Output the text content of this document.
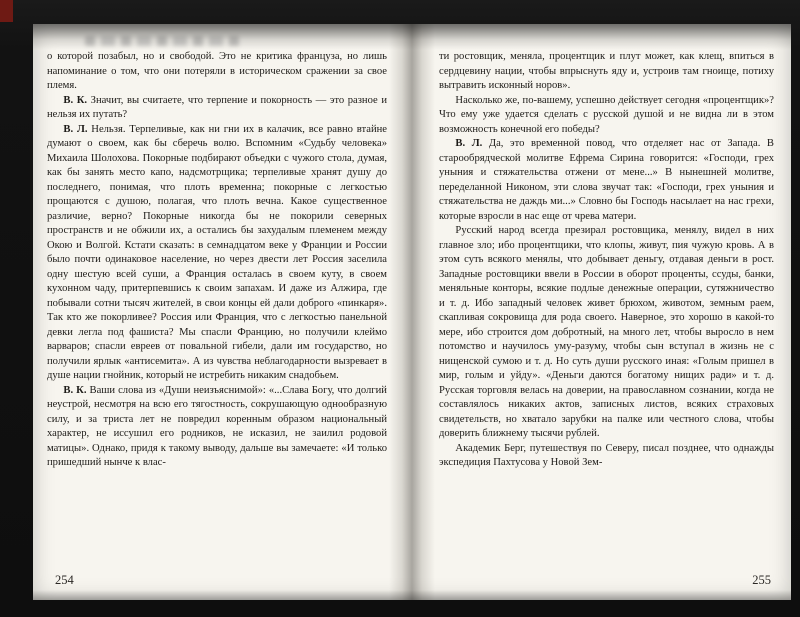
о которой позабыл, но и свободой. Это не критика француза, но лишь напоминание о том, что они потеряли в историческом сражении за свое племя.

В. К. Значит, вы считаете, что терпение и покорность — это разное и нельзя их путать?

В. Л. Нельзя. Терпеливые, как ни гни их в калачик, все равно втайне думают о своем, как бы сберечь волю. Вспомним «Судьбу человека» Михаила Шолохова. Покорные подбирают объедки с чужого стола, думая, как бы занять место капо, надсмотрщика; терпеливые хранят душу до последнего, понимая, что плоть временна; покорные с легкостью прощаются с душою, полагая, что плоть вечна. Какое существенное различие, верно? Покорные никогда бы не покорили северных пространств и не обжили их, а остались бы захудалым племенем между Окою и Волгой. Кстати сказать: в семнадцатом веке у Франции и России было почти одинаковое население, но через двести лет Россия заселила одну шестую всей суши, а Франция осталась в своем куту, в своем кухонном чаду, притерпевшись к своим запахам. И даже из Алжира, где побывали сотни тысяч жителей, в свои концы ей дали доброго «пинкаря». Так кто же покорливее? Россия или Франция, что с легкостью панельной девки легла под фашиста? Мы спасли Францию, но получили клеймо варваров; спасли евреев от повальной гибели, дали им государство, но получили ярлык «антисемита». А из чувства неблагодарности вызревает в душе нации гнойник, который не истребить никаким снадобьем.

В. К. Ваши слова из «Души неизъяснимой»: «...Слава Богу, что долгий неустрой, несмотря на всю его тягостность, сокрушающую однообразную силу, и за триста лет не повредил коренным образом национальный характер, не иссушил его родников, не исказил, не заилил родовой матицы». Однако, придя к такому выводу, дальше вы замечаете: «И только пришедший нынче к влас-

254

ти ростовщик, меняла, процентщик и плут может, как клещ, впиться в сердцевину нации, чтобы впрыснуть яду и, устроив там гноище, потиху вытравить исконный норов».

Насколько же, по-вашему, успешно действует сегодня «процентщик»? Что ему уже удается сделать с русской душой и не видна ли в этом возможность конечной его победы?

В. Л. Да, это временной повод, что отделяет нас от Запада. В старообрядческой молитве Ефрема Сирина говорится: «Господи, грех уныния и стяжательства отжени от мене...» В нынешней молитве, переделанной Никоном, эти слова звучат так: «Господи, грех уныния и стяжательства не даждь ми...» Словно бы Господь насылает на нас грехи, которые взросли в нас еще от чрева матери.

Русский народ всегда презирал ростовщика, менялу, видел в них главное зло; ибо процентщики, что клопы, живут, пия чужую кровь. А в этом суть всякого менялы, что добывает деньгу, отдавая деньги в рост. Западные ростовщики ввели в России в оборот проценты, ссуды, банки, меняльные конторы, всякие подлые денежные операции, сутяжничество и т. д. Ибо западный человек живет брюхом, животом, земным раем, скапливая сокровища для рода своего. Наверное, это хорошо в какой-то мере, ибо строится дом добротный, на много лет, чтобы выросло в нем потомство и научилось уму-разуму, чтобы сын вступал в жизнь не с нищенской сумою и т. д. Но суть души русского иная: «Голым пришел в мир, голым и уйду». «Деньги даются богатому нищих ради» и т. д. Русская торговля велась на доверии, на православном сознании, когда не составлялось никаких актов, записных листов, всяких страховых свидетельств, но хватало зарубки на палке или честного слова, чтобы доверить ближнему тысячи рублей.

Академик Берг, путешествуя по Северу, писал позднее, что однажды экспедиция Пахтусова у Новой Зем-

255
